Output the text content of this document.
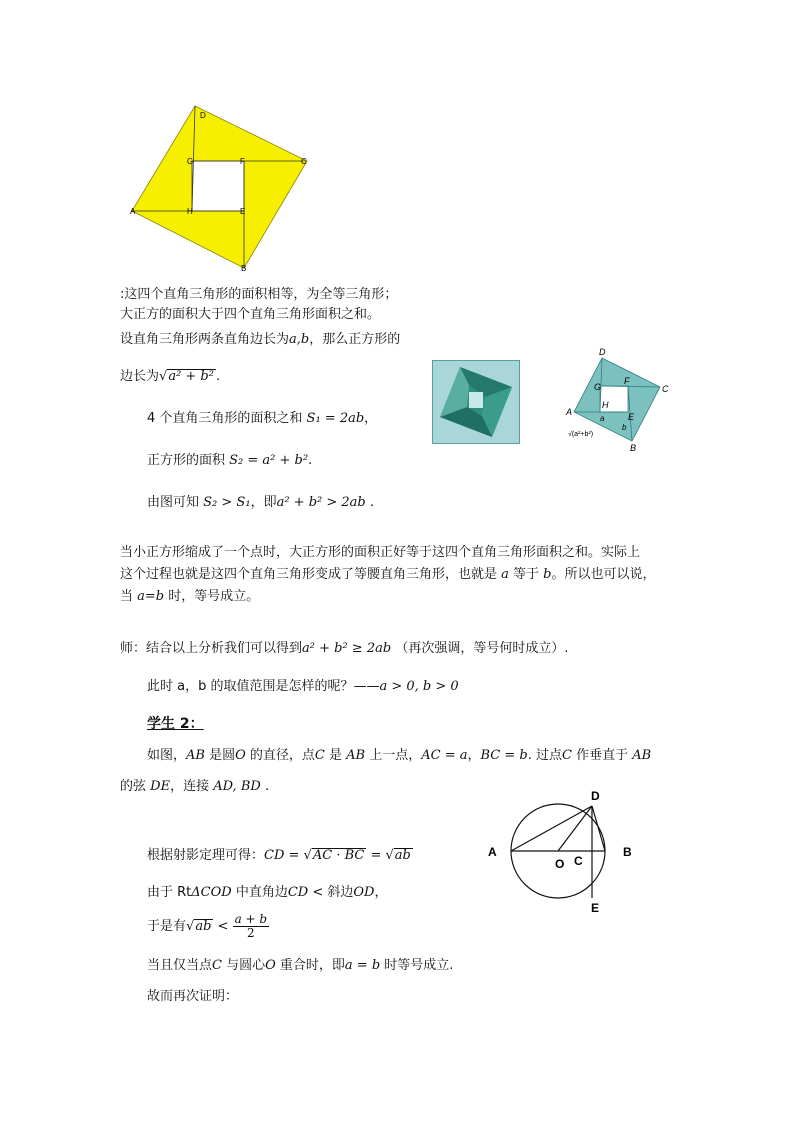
D
G	F	C
A	H	E
B
D
G
F
C
A
H
a	E
b
B
√(a²+b²)
D
A
O C
B
E
:这四个直角三角形的面积相等，为全等三角形；
大正方的面积大于四个直角三角形面积之和。
设直角三角形两条直角边长为a,b，那么正方形的
边长为√a² + b² .
4 个直角三角形的面积之和 S₁ = 2ab，
正方形的面积 S₂ = a² + b².
由图可知 S₂ > S₁，即a² + b² > 2ab .
当小正方形缩成了一个点时，大正方形的面积正好等于这四个直角三角形面积之和。实际上
这个过程也就是这四个直角三角形变成了等腰直角三角形，也就是 a 等于 b。所以也可以说，
当 a=b 时，等号成立。
师：结合以上分析我们可以得到a² + b² ≥ 2ab （再次强调，等号何时成立）.
此时 a，b 的取值范围是怎样的呢？——a > 0, b > 0
学生 2：
如图，AB 是圆O 的直径，点C 是 AB 上一点，AC = a，BC = b. 过点C 作垂直于 AB
的弦 DE，连接 AD, BD .
根据射影定理可得：CD = √AC · BC = √ab
由于 RtΔCOD 中直角边CD < 斜边OD，
于是有$√ab < \frac{a + b}{2}$
当且仅当点C 与圆心O 重合时，即a = b 时等号成立.
故而再次证明：
